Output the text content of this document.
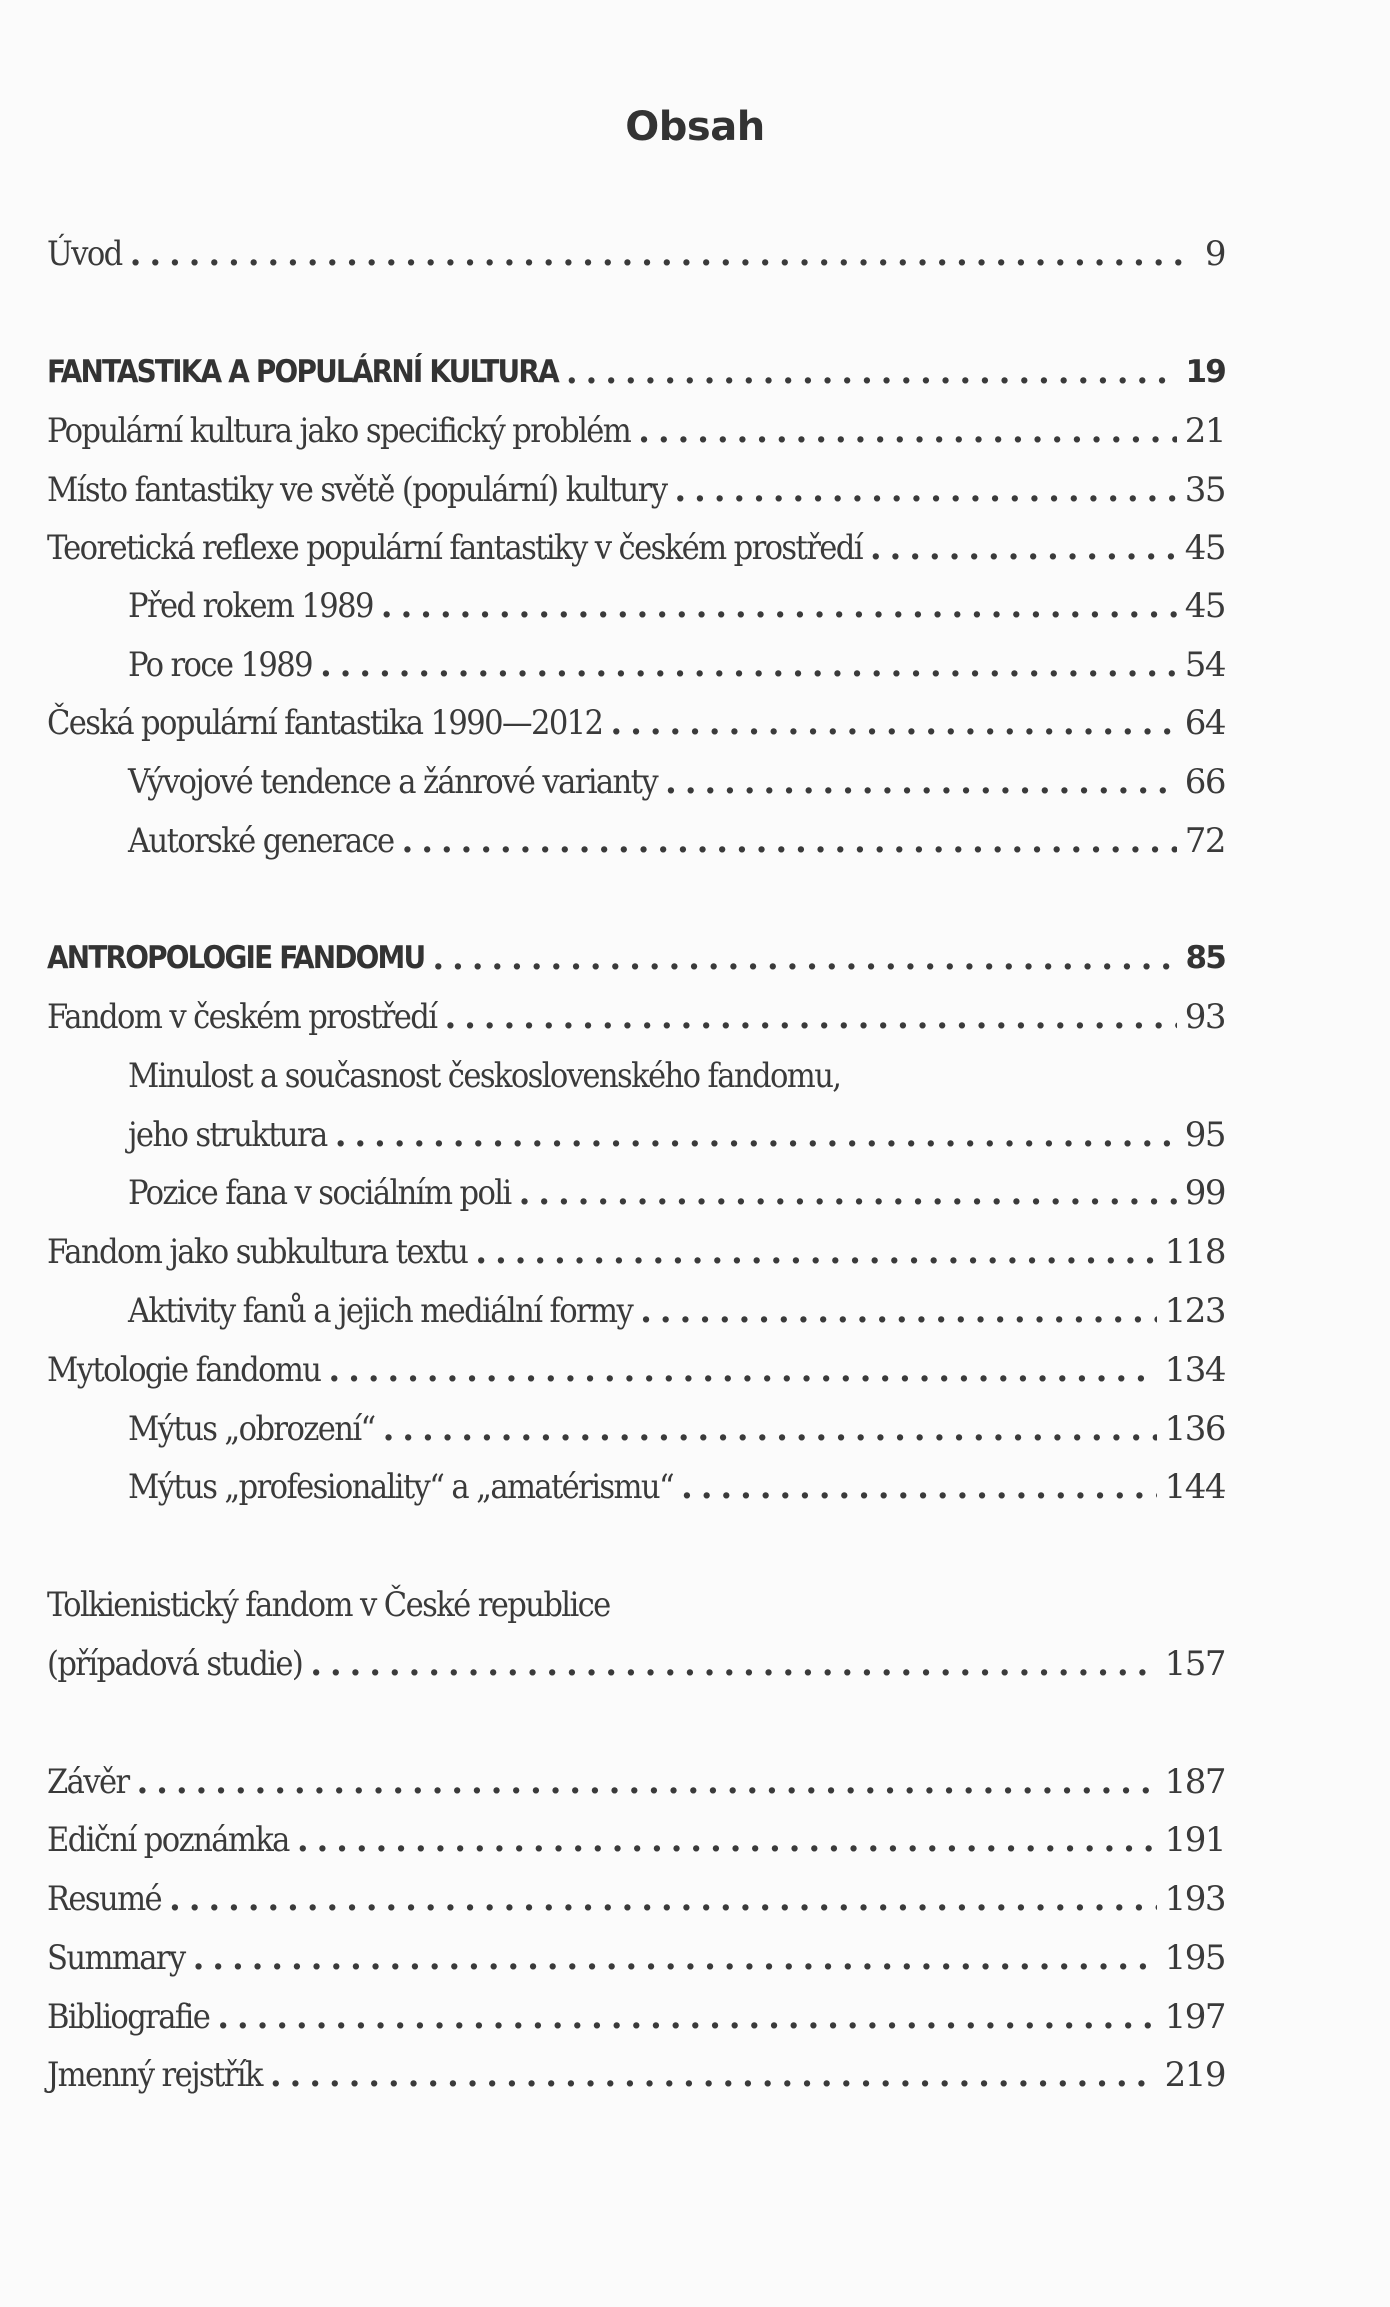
Obsah
Úvod . . .	9
FANTASTIKA A POPULÁRNÍ KULTURA . . .	19
Populární kultura jako specifický problém . . .	21
Místo fantastiky ve světě (populární) kultury . . .	35
Teoretická reflexe populární fantastiky v českém prostředí . . .	45
Před rokem 1989 . . .	45
Po roce 1989 . . .	54
Česká populární fantastika 1990—2012 . . .	64
Vývojové tendence a žánrové varianty . . .	66
Autorské generace . . .	72
ANTROPOLOGIE FANDOMU . . .	85
Fandom v českém prostředí . . .	93
Minulost a současnost československého fandomu,
jeho struktura . . .	95
Pozice fana v sociálním poli . . .	99
Fandom jako subkultura textu . . .	118
Aktivity fanů a jejich mediální formy . . .	123
Mytologie fandomu . . .	134
Mýtus „obrození“ . . .	136
Mýtus „profesionality“ a „amatérismu“ . . .	144
Tolkienistický fandom v České republice
(případová studie) . . .	157
Závěr . . .	187
Ediční poznámka . . .	191
Resumé . . .	193
Summary . . .	195
Bibliografie . . .	197
Jmenný rejstřík . . .	219
